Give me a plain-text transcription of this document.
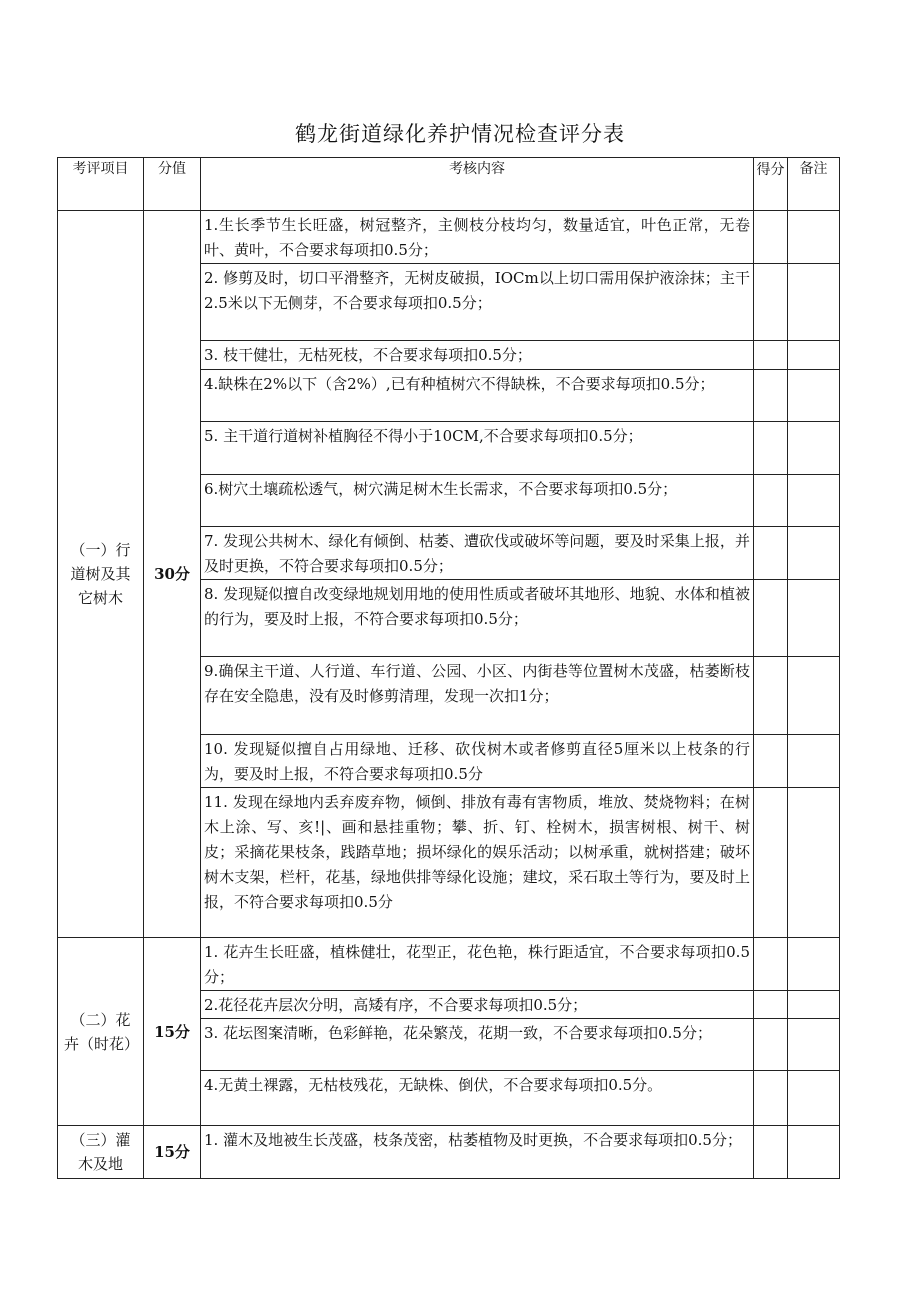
鹤龙街道绿化养护情况检查评分表
考评项目	分值	考核内容	得分	备注
（一）行道树及其它树木	30分	1.生长季节生长旺盛，树冠整齐，主侧枝分枝均匀，数量适宜，叶色正常，无卷叶、黄叶，不合要求每项扣0.5分；		
		2. 修剪及时，切口平滑整齐，无树皮破损，IOCm以上切口需用保护液涂抹；主干2.5米以下无侧芽，不合要求每项扣0.5分；		
		3. 枝干健壮，无枯死枝，不合要求每项扣0.5分；		
		4.缺株在2%以下（含2%）,已有种植树穴不得缺株，不合要求每项扣0.5分；		
		5. 主干道行道树补植胸径不得小于10CM,不合要求每项扣0.5分；		
		6.树穴土壤疏松透气，树穴满足树木生长需求，不合要求每项扣0.5分；		
		7. 发现公共树木、绿化有倾倒、枯萎、遭砍伐或破坏等问题，要及时采集上报，并及时更换，不符合要求每项扣0.5分；		
		8. 发现疑似擅自改变绿地规划用地的使用性质或者破坏其地形、地貌、水体和植被的行为，要及时上报，不符合要求每项扣0.5分；		
		9.确保主干道、人行道、车行道、公园、小区、内街巷等位置树木茂盛，枯萎断枝存在安全隐患，没有及时修剪清理，发现一次扣1分；		
		10. 发现疑似擅自占用绿地、迁移、砍伐树木或者修剪直径5厘米以上枝条的行为，要及时上报，不符合要求每项扣0.5分		
		11. 发现在绿地内丢弃废弃物，倾倒、排放有毒有害物质，堆放、焚烧物料；在树木上涂、写、亥!|、画和悬挂重物；攀、折、钉、栓树木，损害树根、树干、树皮；采摘花果枝条，践踏草地；损坏绿化的娱乐活动；以树承重，就树搭建；破坏树木支架，栏杆，花基，绿地供排等绿化设施；建坟，采石取土等行为，要及时上报，不符合要求每项扣0.5分		
（二）花卉（时花）	15分	1. 花卉生长旺盛，植株健壮，花型正，花色艳，株行距适宜，不合要求每项扣0.5分；		
		2.花径花卉层次分明，高矮有序，不合要求每项扣0.5分；		
		3. 花坛图案清晰，色彩鲜艳，花朵繁茂，花期一致，不合要求每项扣0.5分；		
		4.无黄土裸露，无枯枝残花，无缺株、倒伏，不合要求每项扣0.5分。		
（三）灌木及地	15分	1. 灌木及地被生长茂盛，枝条茂密，枯萎植物及时更换，不合要求每项扣0.5分；		
